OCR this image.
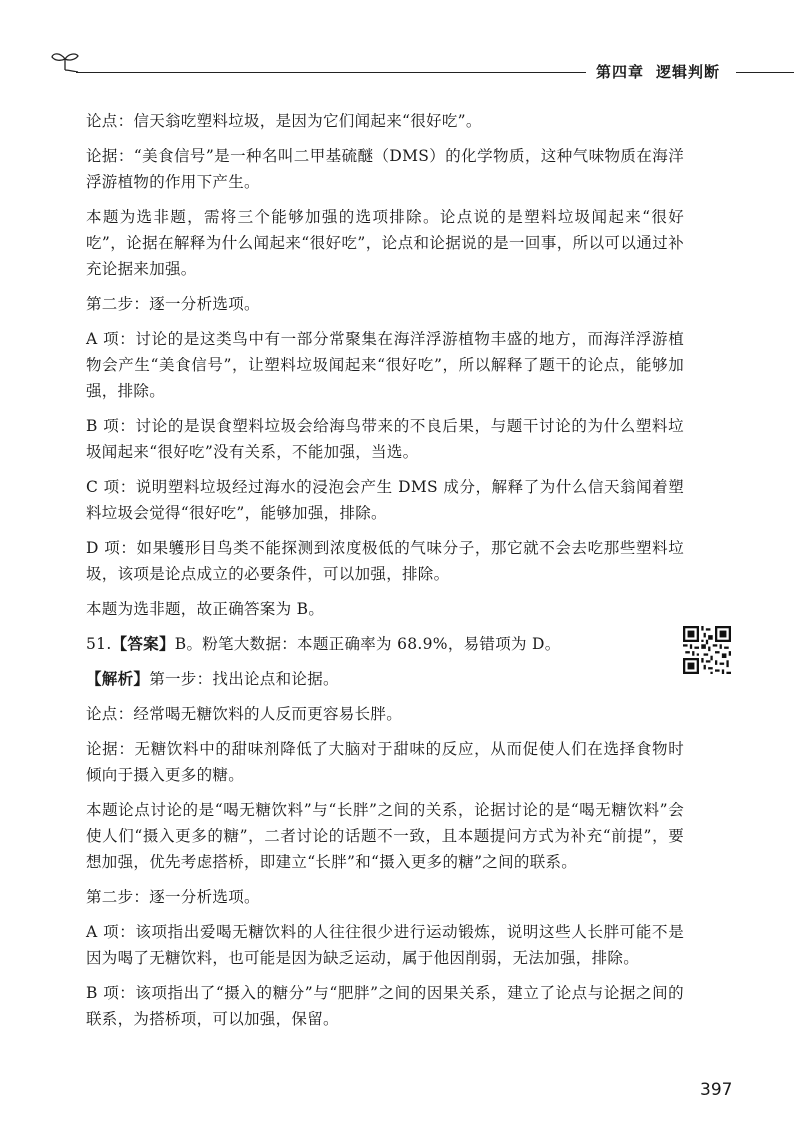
第四章 逻辑判断

论点：信天翁吃塑料垃圾，是因为它们闻起来“很好吃”。

论据：“美食信号”是一种名叫二甲基硫醚（DMS）的化学物质，这种气味物质在海洋浮游植物的作用下产生。

本题为选非题，需将三个能够加强的选项排除。论点说的是塑料垃圾闻起来“很好吃”，论据在解释为什么闻起来“很好吃”，论点和论据说的是一回事，所以可以通过补充论据来加强。

第二步：逐一分析选项。

A 项：讨论的是这类鸟中有一部分常聚集在海洋浮游植物丰盛的地方，而海洋浮游植物会产生“美食信号”，让塑料垃圾闻起来“很好吃”，所以解释了题干的论点，能够加强，排除。

B 项：讨论的是误食塑料垃圾会给海鸟带来的不良后果，与题干讨论的为什么塑料垃圾闻起来“很好吃”没有关系，不能加强，当选。

C 项：说明塑料垃圾经过海水的浸泡会产生 DMS 成分，解释了为什么信天翁闻着塑料垃圾会觉得“很好吃”，能够加强，排除。

D 项：如果鹱形目鸟类不能探测到浓度极低的气味分子，那它就不会去吃那些塑料垃圾，该项是论点成立的必要条件，可以加强，排除。

本题为选非题，故正确答案为 B。

51.【答案】B。粉笔大数据：本题正确率为 68.9%，易错项为 D。

【解析】第一步：找出论点和论据。

论点：经常喝无糖饮料的人反而更容易长胖。

论据：无糖饮料中的甜味剂降低了大脑对于甜味的反应，从而促使人们在选择食物时倾向于摄入更多的糖。

本题论点讨论的是“喝无糖饮料”与“长胖”之间的关系，论据讨论的是“喝无糖饮料”会使人们“摄入更多的糖”，二者讨论的话题不一致，且本题提问方式为补充“前提”，要想加强，优先考虑搭桥，即建立“长胖”和“摄入更多的糖”之间的联系。

第二步：逐一分析选项。

A 项：该项指出爱喝无糖饮料的人往往很少进行运动锻炼，说明这些人长胖可能不是因为喝了无糖饮料，也可能是因为缺乏运动，属于他因削弱，无法加强，排除。

B 项：该项指出了“摄入的糖分”与“肥胖”之间的因果关系，建立了论点与论据之间的联系，为搭桥项，可以加强，保留。

397
